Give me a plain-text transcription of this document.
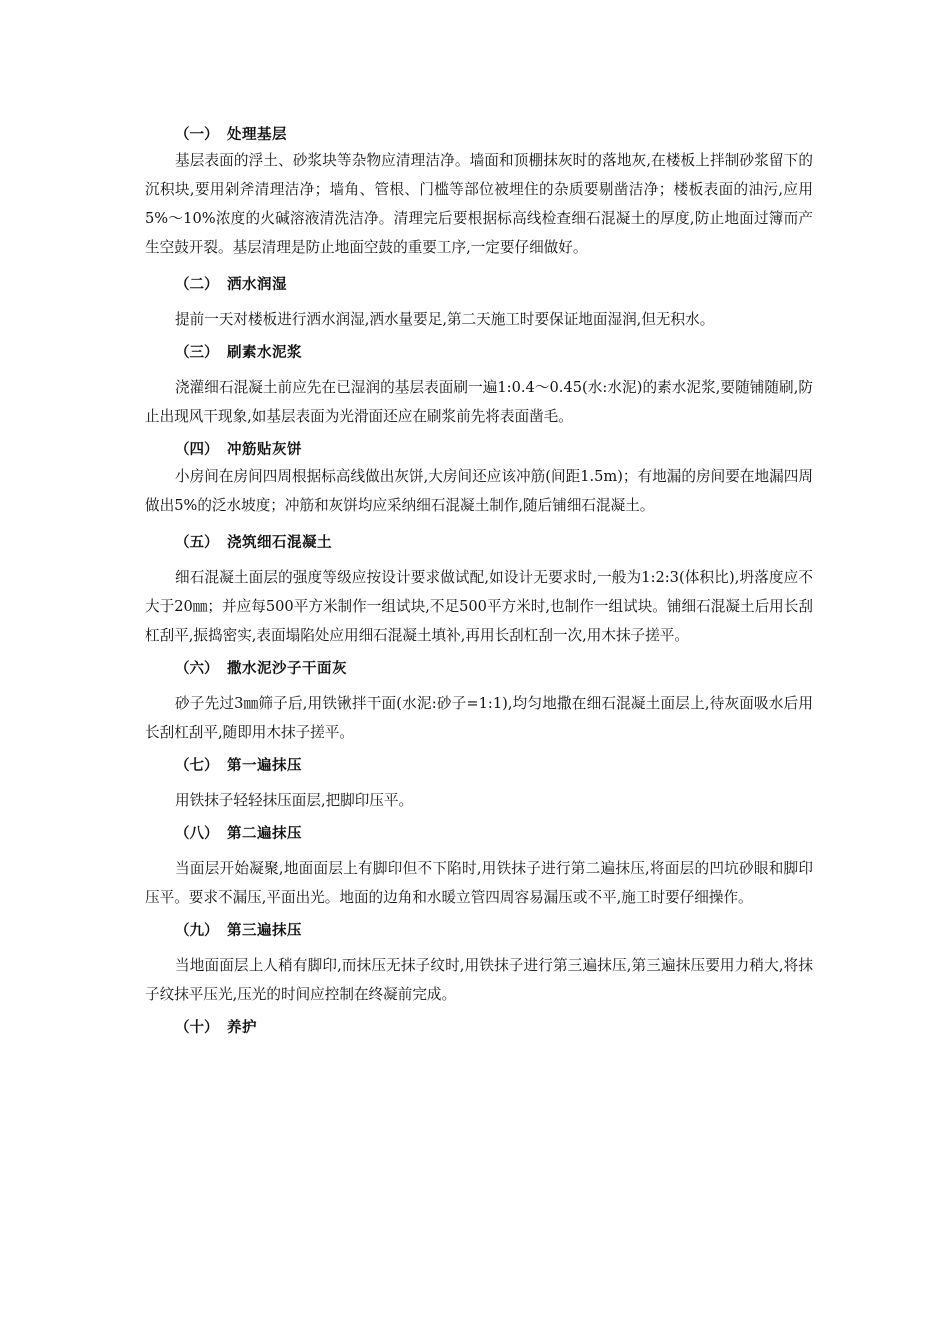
（一） 处理基层

基层表面的浮土、砂浆块等杂物应清理洁净。墙面和顶棚抹灰时的落地灰,在楼板上拌制砂浆留下的沉积块,要用剁斧清理洁净；墙角、管根、门槛等部位被埋住的杂质要剔凿洁净；楼板表面的油污,应用5%～10%浓度的火碱溶液清洗洁净。清理完后要根据标高线检查细石混凝土的厚度,防止地面过簿而产生空鼓开裂。基层清理是防止地面空鼓的重要工序,一定要仔细做好。

（二） 洒水润湿

提前一天对楼板进行洒水润湿,洒水量要足,第二天施工时要保证地面湿润,但无积水。

（三） 刷素水泥浆

浇灌细石混凝土前应先在已湿润的基层表面刷一遍1:0.4～0.45(水:水泥)的素水泥浆,要随铺随刷,防止出现风干现象,如基层表面为光滑面还应在刷浆前先将表面凿毛。

（四） 冲筋贴灰饼

小房间在房间四周根据标高线做出灰饼,大房间还应该冲筋(间距1.5m)；有地漏的房间要在地漏四周做出5%的泛水坡度；冲筋和灰饼均应采纳细石混凝土制作,随后铺细石混凝土。

（五） 浇筑细石混凝土

细石混凝土面层的强度等级应按设计要求做试配,如设计无要求时,一般为1:2:3(体积比),坍落度应不大于20㎜；并应每500平方米制作一组试块,不足500平方米时,也制作一组试块。铺细石混凝土后用长刮杠刮平,振捣密实,表面塌陷处应用细石混凝土填补,再用长刮杠刮一次,用木抹子搓平。

（六） 撒水泥沙子干面灰

砂子先过3㎜筛子后,用铁锹拌干面(水泥:砂子=1:1),均匀地撒在细石混凝土面层上,待灰面吸水后用长刮杠刮平,随即用木抹子搓平。

（七） 第一遍抹压

用铁抹子轻轻抹压面层,把脚印压平。

（八） 第二遍抹压

当面层开始凝聚,地面面层上有脚印但不下陷时,用铁抹子进行第二遍抹压,将面层的凹坑砂眼和脚印压平。要求不漏压,平面出光。地面的边角和水暖立管四周容易漏压或不平,施工时要仔细操作。

（九） 第三遍抹压

当地面面层上人稍有脚印,而抹压无抹子纹时,用铁抹子进行第三遍抹压,第三遍抹压要用力稍大,将抹子纹抹平压光,压光的时间应控制在终凝前完成。

（十） 养护
